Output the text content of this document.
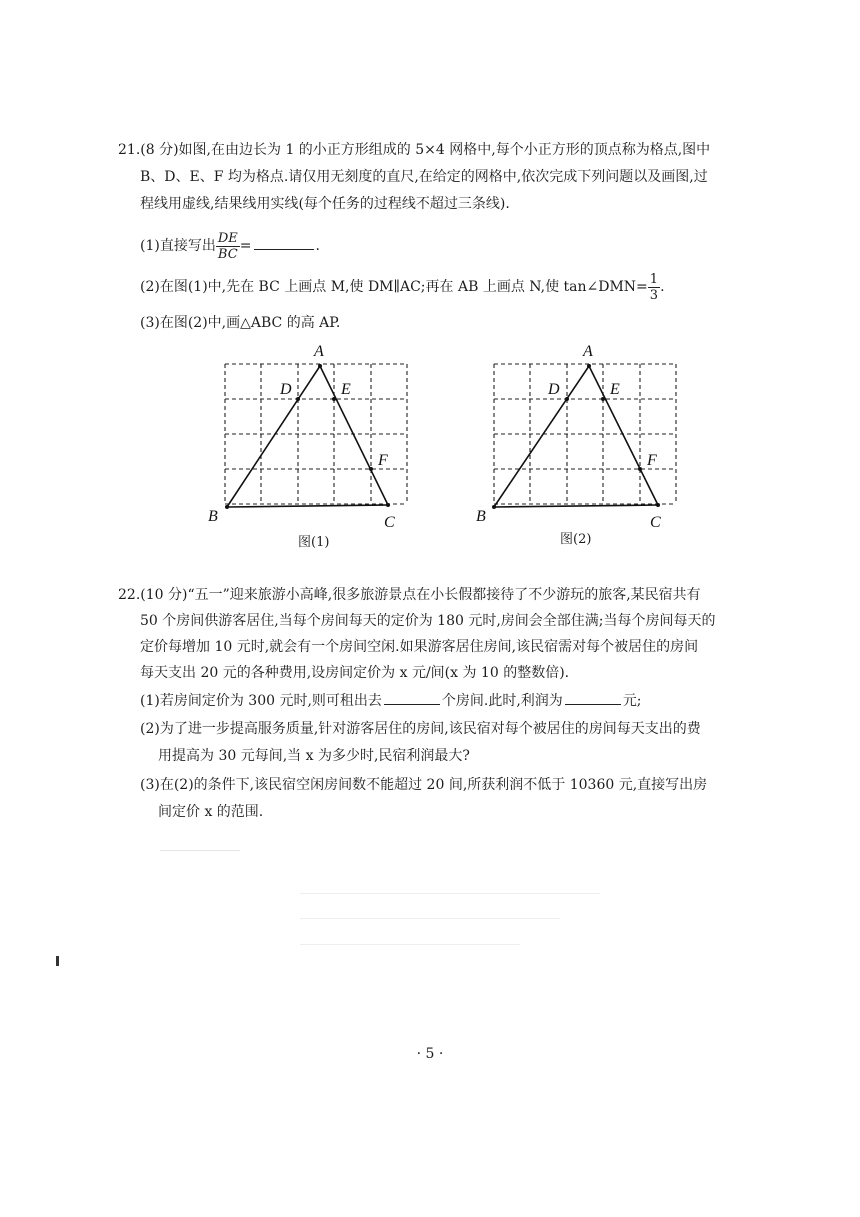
21.(8 分)如图,在由边长为 1 的小正方形组成的 5×4 网格中,每个小正方形的顶点称为格点,图中
B、D、E、F 均为格点.请仅用无刻度的直尺,在给定的网格中,依次完成下列问题以及画图,过
程线用虚线,结果线用实线(每个任务的过程线不超过三条线).
(1)直接写出 $\frac{DE}{BC}$ =	.
(2)在图(1)中,先在 BC 上画点 M,使 DM∥AC;再在 AB 上画点 N,使 tan∠DMN= $\frac{1}{3}$ .
(3)在图(2)中,画△ABC 的高 AP.
A
B	C
D	E
F
图(1)
A
B	C
D	E
F
图(2)
22.(10 分)“五一”迎来旅游小高峰,很多旅游景点在小长假都接待了不少游玩的旅客,某民宿共有
50 个房间供游客居住,当每个房间每天的定价为 180 元时,房间会全部住满;当每个房间每天的
定价每增加 10 元时,就会有一个房间空闲.如果游客居住房间,该民宿需对每个被居住的房间
每天支出 20 元的各种费用,设房间定价为 x 元/间(x 为 10 的整数倍).
(1)若房间定价为 300 元时,则可租出去	个房间.此时,利润为	元;
(2)为了进一步提高服务质量,针对游客居住的房间,该民宿对每个被居住的房间每天支出的费
用提高为 30 元每间,当 x 为多少时,民宿利润最大?
(3)在(2)的条件下,该民宿空闲房间数不能超过 20 间,所获利润不低于 10360 元,直接写出房
间定价 x 的范围.
· 5 ·
